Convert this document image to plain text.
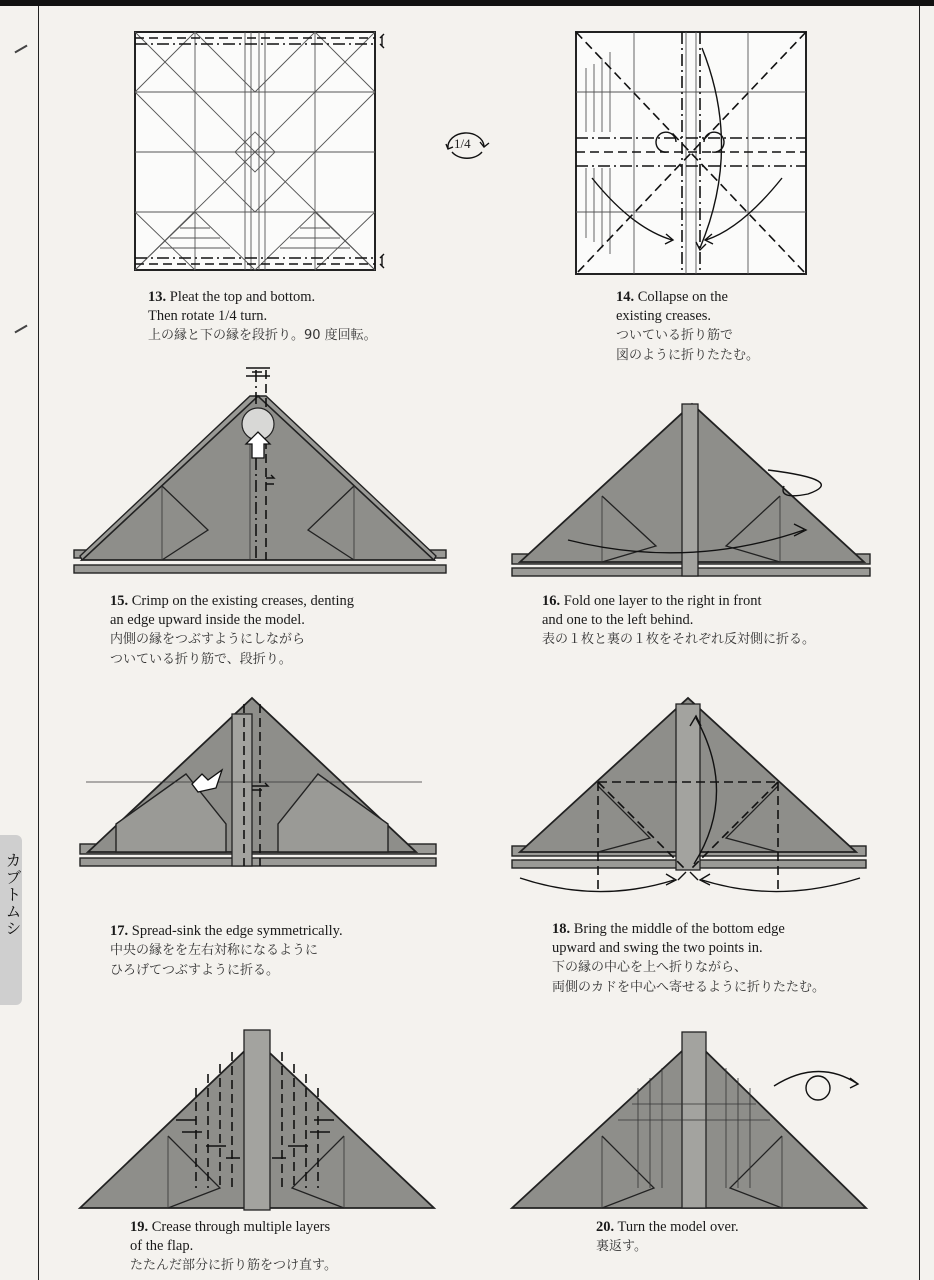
カブトムシ
1/4
13. Pleat the top and bottom.
Then rotate 1/4 turn.
上の縁と下の縁を段折り。90 度回転。
14. Collapse on the
existing creases.
ついている折り筋で
図のように折りたたむ。
15. Crimp on the existing creases, denting
an edge upward inside the model.
内側の縁をつぶすようにしながら
ついている折り筋で、段折り。
16. Fold one layer to the right in front
and one to the left behind.
表の１枚と裏の１枚をそれぞれ反対側に折る。
17. Spread-sink the edge symmetrically.
中央の縁をを左右対称になるように
ひろげてつぶすように折る。
18. Bring the middle of the bottom edge
upward and swing the two points in.
下の縁の中心を上へ折りながら、
両側のカドを中心へ寄せるように折りたたむ。
19. Crease through multiple layers
of the flap.
たたんだ部分に折り筋をつけ直す。
20. Turn the model over.
裏返す。
